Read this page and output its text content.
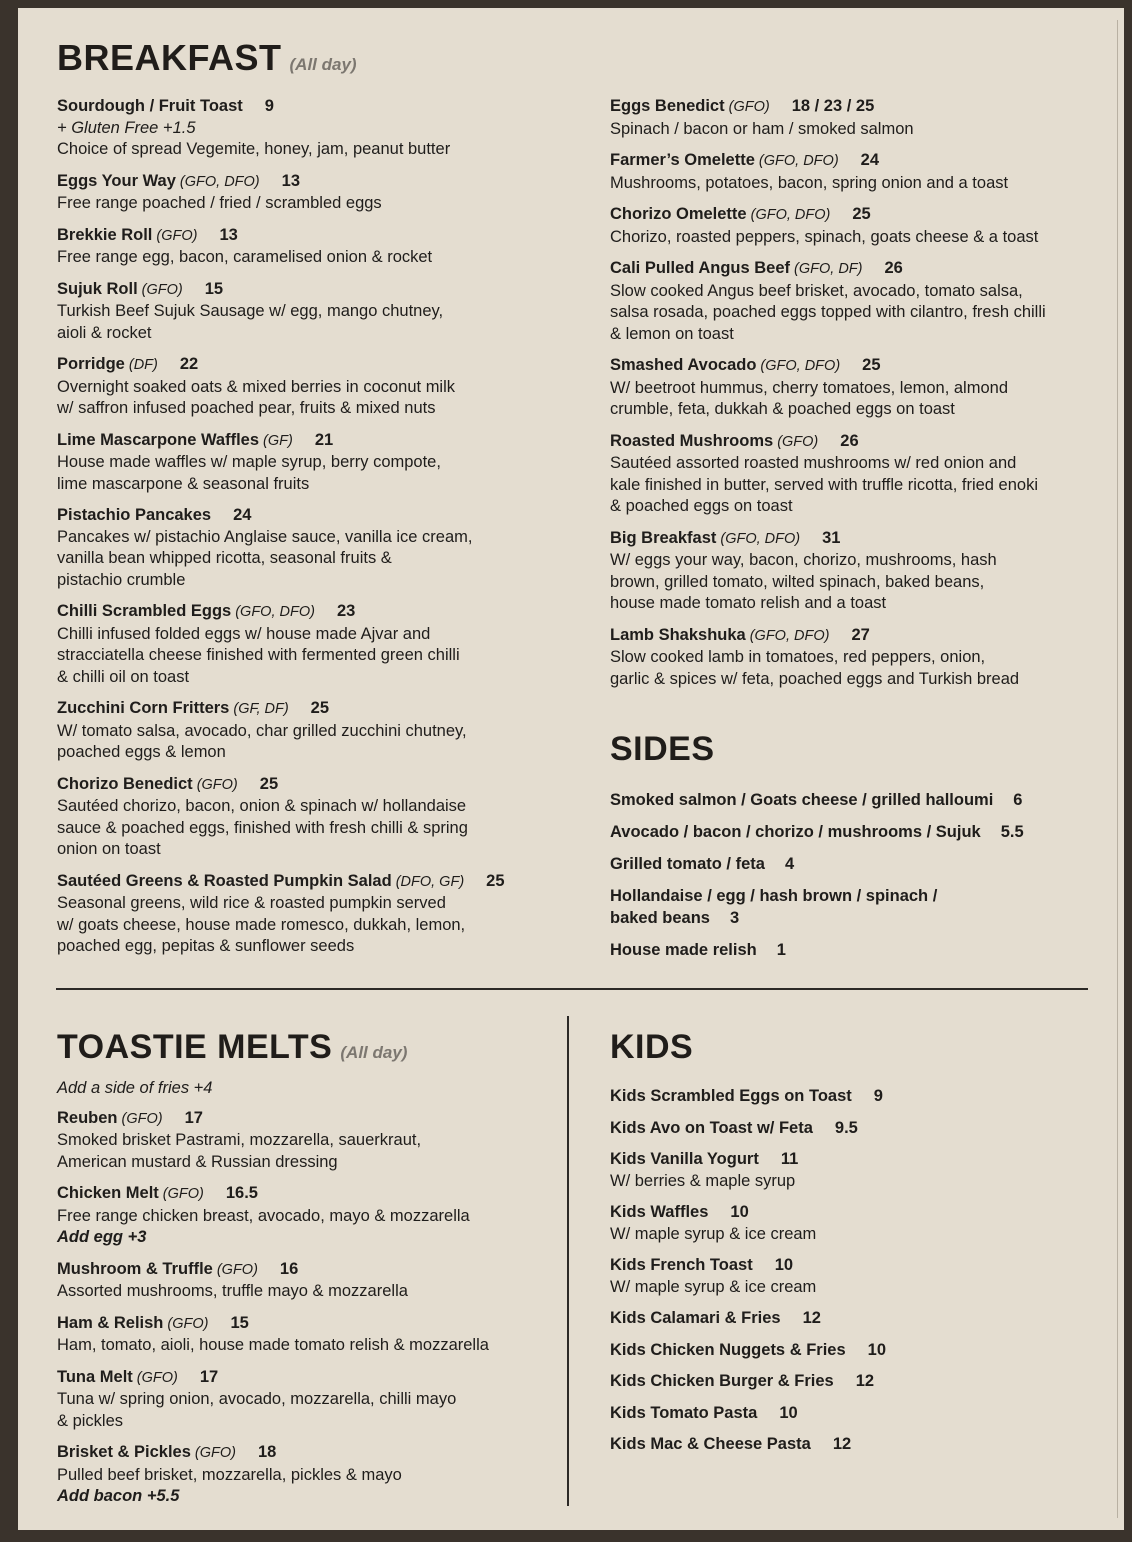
BREAKFAST (All day)
Sourdough / Fruit Toast 9
+ Gluten Free +1.5
Choice of spread Vegemite, honey, jam, peanut butter
Eggs Your Way (GFO, DFO) 13
Free range poached / fried / scrambled eggs
Brekkie Roll (GFO) 13
Free range egg, bacon, caramelised onion & rocket
Sujuk Roll (GFO) 15
Turkish Beef Sujuk Sausage w/ egg, mango chutney,
aioli & rocket
Porridge (DF) 22
Overnight soaked oats & mixed berries in coconut milk
w/ saffron infused poached pear, fruits & mixed nuts
Lime Mascarpone Waffles (GF) 21
House made waffles w/ maple syrup, berry compote,
lime mascarpone & seasonal fruits
Pistachio Pancakes 24
Pancakes w/ pistachio Anglaise sauce, vanilla ice cream,
vanilla bean whipped ricotta, seasonal fruits &
pistachio crumble
Chilli Scrambled Eggs (GFO, DFO) 23
Chilli infused folded eggs w/ house made Ajvar and
stracciatella cheese finished with fermented green chilli
& chilli oil on toast
Zucchini Corn Fritters (GF, DF) 25
W/ tomato salsa, avocado, char grilled zucchini chutney,
poached eggs & lemon
Chorizo Benedict (GFO) 25
Sautéed chorizo, bacon, onion & spinach w/ hollandaise
sauce & poached eggs, finished with fresh chilli & spring
onion on toast
Sautéed Greens & Roasted Pumpkin Salad (DFO, GF) 25
Seasonal greens, wild rice & roasted pumpkin served
w/ goats cheese, house made romesco, dukkah, lemon,
poached egg, pepitas & sunflower seeds
Eggs Benedict (GFO) 18 / 23 / 25
Spinach / bacon or ham / smoked salmon
Farmer’s Omelette (GFO, DFO) 24
Mushrooms, potatoes, bacon, spring onion and a toast
Chorizo Omelette (GFO, DFO) 25
Chorizo, roasted peppers, spinach, goats cheese & a toast
Cali Pulled Angus Beef (GFO, DF) 26
Slow cooked Angus beef brisket, avocado, tomato salsa,
salsa rosada, poached eggs topped with cilantro, fresh chilli
& lemon on toast
Smashed Avocado (GFO, DFO) 25
W/ beetroot hummus, cherry tomatoes, lemon, almond
crumble, feta, dukkah & poached eggs on toast
Roasted Mushrooms (GFO) 26
Sautéed assorted roasted mushrooms w/ red onion and
kale finished in butter, served with truffle ricotta, fried enoki
& poached eggs on toast
Big Breakfast (GFO, DFO) 31
W/ eggs your way, bacon, chorizo, mushrooms, hash
brown, grilled tomato, wilted spinach, baked beans,
house made tomato relish and a toast
Lamb Shakshuka (GFO, DFO) 27
Slow cooked lamb in tomatoes, red peppers, onion,
garlic & spices w/ feta, poached eggs and Turkish bread
SIDES
Smoked salmon / Goats cheese / grilled halloumi 6
Avocado / bacon / chorizo / mushrooms / Sujuk 5.5
Grilled tomato / feta 4
Hollandaise / egg / hash brown / spinach /
baked beans 3
House made relish 1
TOASTIE MELTS (All day)
Add a side of fries +4
Reuben (GFO) 17
Smoked brisket Pastrami, mozzarella, sauerkraut,
American mustard & Russian dressing
Chicken Melt (GFO) 16.5
Free range chicken breast, avocado, mayo & mozzarella
Add egg +3
Mushroom & Truffle (GFO) 16
Assorted mushrooms, truffle mayo & mozzarella
Ham & Relish (GFO) 15
Ham, tomato, aioli, house made tomato relish & mozzarella
Tuna Melt (GFO) 17
Tuna w/ spring onion, avocado, mozzarella, chilli mayo
& pickles
Brisket & Pickles (GFO) 18
Pulled beef brisket, mozzarella, pickles & mayo
Add bacon +5.5
KIDS
Kids Scrambled Eggs on Toast 9
Kids Avo on Toast w/ Feta 9.5
Kids Vanilla Yogurt 11
W/ berries & maple syrup
Kids Waffles 10
W/ maple syrup & ice cream
Kids French Toast 10
W/ maple syrup & ice cream
Kids Calamari & Fries 12
Kids Chicken Nuggets & Fries 10
Kids Chicken Burger & Fries 12
Kids Tomato Pasta 10
Kids Mac & Cheese Pasta 12
